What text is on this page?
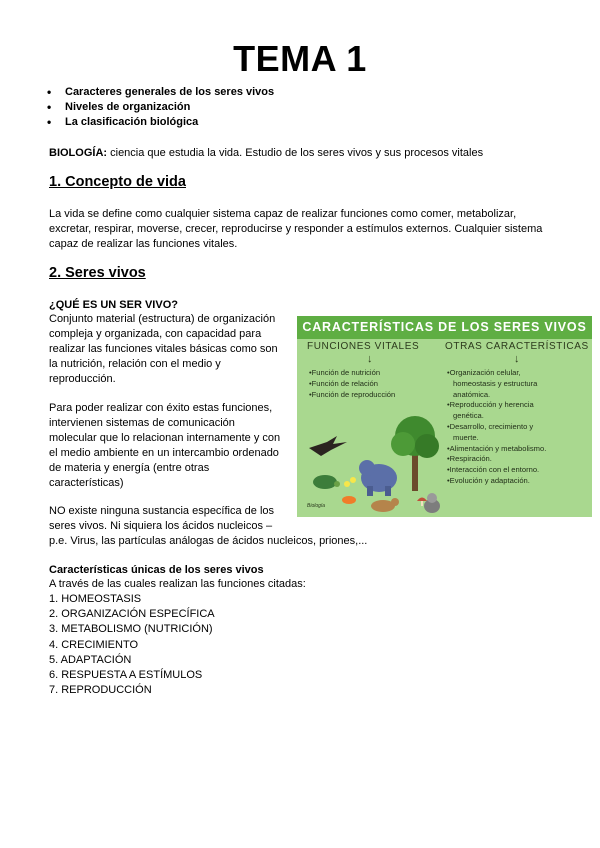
TEMA 1
• Caracteres generales de los seres vivos
• Niveles de organización
• La clasificación biológica
BIOLOGÍA: ciencia que estudia la vida. Estudio de los seres vivos y sus procesos vitales
1. Concepto de vida
La vida se define como cualquier sistema capaz de realizar funciones como comer, metabolizar,
excretar, respirar, moverse, crecer, reproducirse y responder a estímulos externos. Cualquier sistema
capaz de realizar las funciones vitales.
2. Seres vivos
¿QUÉ ES UN SER VIVO?
Conjunto material (estructura) de organización
compleja y organizada, con capacidad para
realizar las funciones vitales básicas como son
la nutrición, relación con el medio y
reproducción.
Para poder realizar con éxito estas funciones,
intervienen sistemas de comunicación
molecular que lo relacionan internamente y con
el medio ambiente en un intercambio ordenado
de materia y energía (entre otras
características)
NO existe ninguna sustancia específica de los
seres vivos. Ni siquiera los ácidos nucleicos –
p.e. Virus, las partículas análogas de ácidos nucleicos, priones,...
Características únicas de los seres vivos
A través de las cuales realizan las funciones citadas:
1. HOMEOSTASIS
2. ORGANIZACIÓN ESPECÍFICA
3. METABOLISMO (NUTRICIÓN)
4. CRECIMIENTO
5. ADAPTACIÓN
6. RESPUESTA A ESTÍMULOS
7. REPRODUCCIÓN
CARACTERÍSTICAS DE LOS SERES VIVOS
FUNCIONES VITALES	OTRAS CARACTERÍSTICAS
↓	↓
• Función de nutrición
• Función de relación
• Función de reproducción
• Organización celular,
homeostasis y estructura
anatómica.
• Reproducción y herencia
genética.
• Desarrollo, crecimiento y
muerte.
• Alimentación y metabolismo.
• Respiración.
• Interacción con el entorno.
• Evolución y adaptación.
Biología
